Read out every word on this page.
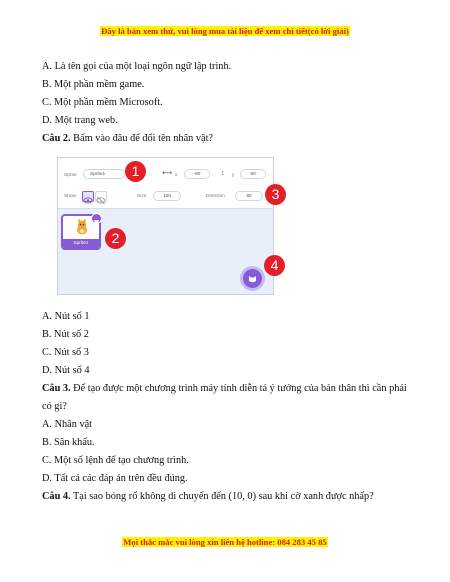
Đây là bản xem thử, vui lòng mua tài liệu để xem chi tiết(có lời giải)
A. Là tên gọi của một loại ngôn ngữ lập trình.
B. Một phần mềm game.
C. Một phần mềm Microsoft.
D. Một trang web.
Câu 2. Bấm vào đâu để đổi tên nhân vật?
Sprite	Sprite1	⟷ x	-80	↕ y	80
Show	Size	100	Direction	90
Sprite1
1
2
3
4
A. Nút số 1
B. Nút số 2
C. Nút số 3
D. Nút số 4
Câu 3. Để tạo được một chương trình máy tính diễn tả ý tưởng của bản thân thì cần phải
có gì?
A. Nhân vật
B. Sân khấu.
C. Một số lệnh để tạo chương trình.
D. Tất cả các đáp án trên đều đúng.
Câu 4. Tại sao bóng rổ không di chuyển đến (10, 0) sau khi cờ xanh được nhấp?
Mọi thắc mắc vui lòng xin liên hệ hotline: 084 283 45 85
